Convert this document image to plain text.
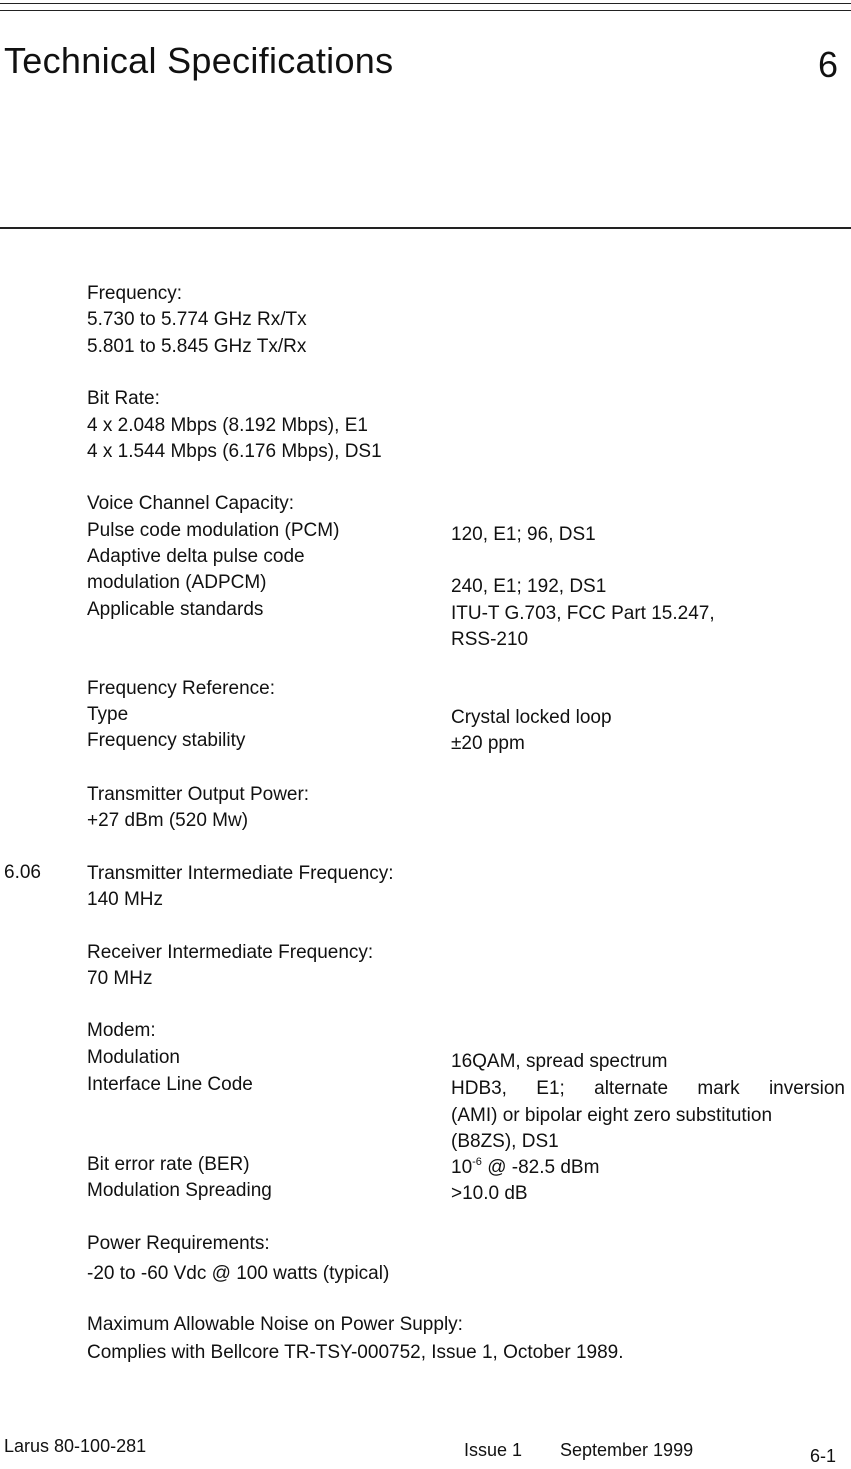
Technical Specifications	6
Frequency:
5.730 to 5.774 GHz Rx/Tx
5.801 to 5.845 GHz Tx/Rx
Bit Rate:
4 x 2.048 Mbps (8.192 Mbps), E1
4 x 1.544 Mbps (6.176 Mbps), DS1
Voice Channel Capacity:
Pulse code modulation (PCM)	120, E1; 96, DS1
Adaptive delta pulse code
modulation (ADPCM)	240, E1; 192, DS1
Applicable standards	ITU-T G.703, FCC Part 15.247,
RSS-210
Frequency Reference:
Type	Crystal locked loop
Frequency stability	±20 ppm
Transmitter Output Power:
+27 dBm (520 Mw)
6.06 Transmitter Intermediate Frequency:
140 MHz
Receiver Intermediate Frequency:
70 MHz
Modem:
Modulation	16QAM, spread spectrum
Interface Line Code	HDB3, E1; alternate mark inversion
(AMI) or bipolar eight zero substitution
(B8ZS), DS1
Bit error rate (BER)	$10^{-6}$ @ -82.5 dBm
Modulation Spreading	>10.0 dB
Power Requirements:
-20 to -60 Vdc @ 100 watts (typical)
Maximum Allowable Noise on Power Supply:
Complies with Bellcore TR-TSY-000752, Issue 1, October 1989.
Larus 80-100-281	Issue 1 September 1999	6-1
